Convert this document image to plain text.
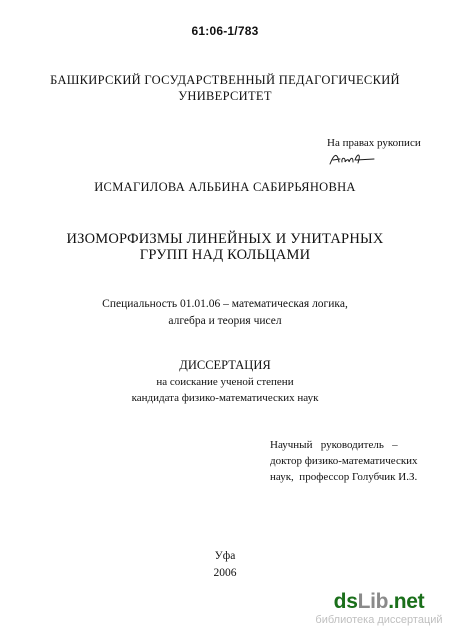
61:06-1/783
БАШКИРСКИЙ ГОСУДАРСТВЕННЫЙ ПЕДАГОГИЧЕСКИЙ
УНИВЕРСИТЕТ
На правах рукописи
ИСМАГИЛОВА АЛЬБИНА САБИРЬЯНОВНА
ИЗОМОРФИЗМЫ ЛИНЕЙНЫХ И УНИТАРНЫХ
ГРУПП НАД КОЛЬЦАМИ
Специальность 01.01.06 – математическая логика,
алгебра и теория чисел
ДИССЕРТАЦИЯ
на соискание ученой степени
кандидата физико-математических наук
Научный   руководитель   –
доктор физико-математических
наук,  профессор Голубчик И.З.
Уфа
2006
dsLib.net
библиотека диссертаций
